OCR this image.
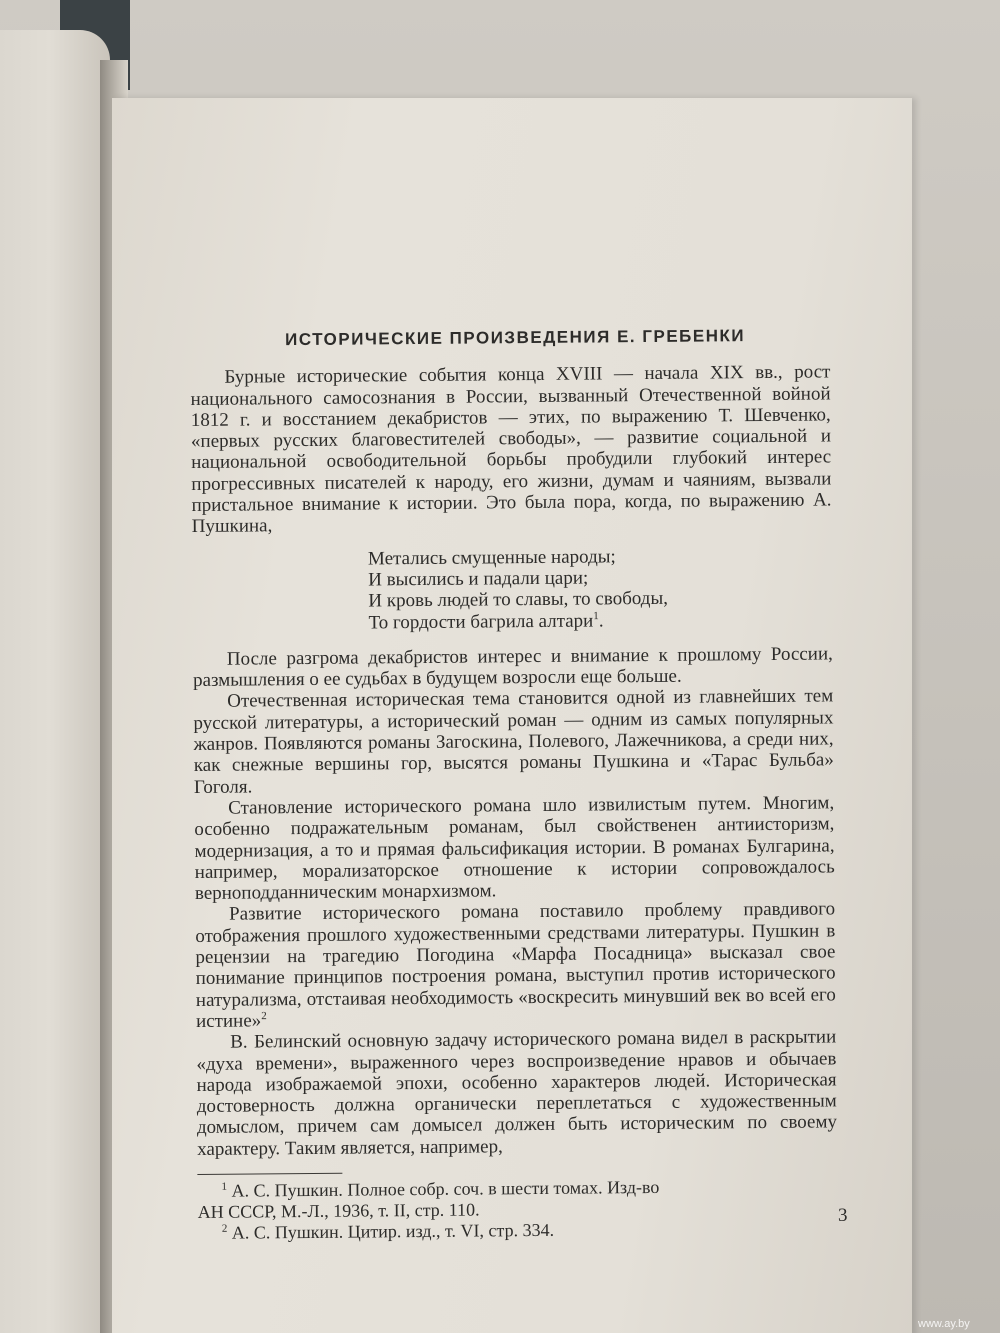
ИСТОРИЧЕСКИЕ ПРОИЗВЕДЕНИЯ Е. ГРЕБЕНКИ

Бурные исторические события конца XVIII — начала XIX вв., рост национального самосознания в России, вызванный Отечественной войной 1812 г. и восстанием декабристов — этих, по выражению Т. Шевченко, «первых русских благовестителей свободы», — развитие социальной и национальной освободительной борьбы пробудили глубокий интерес прогрессивных писателей к народу, его жизни, думам и чаяниям, вызвали пристальное внимание к истории. Это была пора, когда, по выражению А. Пушкина,

Метались смущенные народы;
И высились и падали цари;
И кровь людей то славы, то свободы,
То гордости багрила алтари$^1$.

После разгрома декабристов интерес и внимание к прошлому России, размышления о ее судьбах в будущем возросли еще больше.

Отечественная историческая тема становится одной из главнейших тем русской литературы, а исторический роман — одним из самых популярных жанров. Появляются романы Загоскина, Полевого, Лажечникова, а среди них, как снежные вершины гор, высятся романы Пушкина и «Тарас Бульба» Гоголя.

Становление исторического романа шло извилистым путем. Многим, особенно подражательным романам, был свойственен антиисторизм, модернизация, а то и прямая фальсификация истории. В романах Булгарина, например, морализаторское отношение к истории сопровождалось верноподданническим монархизмом.

Развитие исторического романа поставило проблему правдивого отображения прошлого художественными средствами литературы. Пушкин в рецензии на трагедию Погодина «Марфа Посадница» высказал свое понимание принципов построения романа, выступил против исторического натурализма, отстаивая необходимость «воскресить минувший век во всей его истине»$^2$

В. Белинский основную задачу исторического романа видел в раскрытии «духа времени», выраженного через воспроизведение нравов и обычаев народа изображаемой эпохи, особенно характеров людей. Историческая достоверность должна органически переплетаться с художественным домыслом, причем сам домысел должен быть историческим по своему характеру. Таким является, например,

$^1$ А. С. Пушкин. Полное собр. соч. в шести томах. Изд-во
АН СССР, М.-Л., 1936, т. II, стр. 110.
$^2$ А. С. Пушкин. Цитир. изд., т. VI, стр. 334.
3
www.ay.by
